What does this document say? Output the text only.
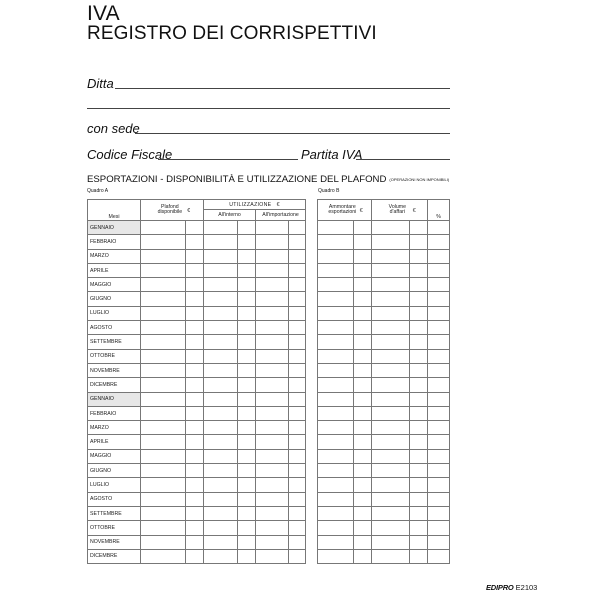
IVA
REGISTRO DEI CORRISPETTIVI
Ditta
con sede
Codice Fiscale	Partita IVA
ESPORTAZIONI - DISPONIBILITÀ E UTILIZZAZIONE DEL PLAFOND $^{(OPERAZIONI NON IMPONIBILI)}$
Quadro A	Quadro B
Mesi	Plafond disponibile €		UTILIZZAZIONE €			
			All'interno		All'importazione	
GENNAIO						
FEBBRAIO						
MARZO						
APRILE						
MAGGIO						
GIUGNO						
LUGLIO						
AGOSTO						
SETTEMBRE						
OTTOBRE						
NOVEMBRE						
DICEMBRE						
GENNAIO						
FEBBRAIO						
MARZO						
APRILE						
MAGGIO						
GIUGNO						
LUGLIO						
AGOSTO						
SETTEMBRE						
OTTOBRE						
NOVEMBRE						
DICEMBRE						
Ammontare esportazioni €		Volume d'affari €		%

EDIPRO E2103
